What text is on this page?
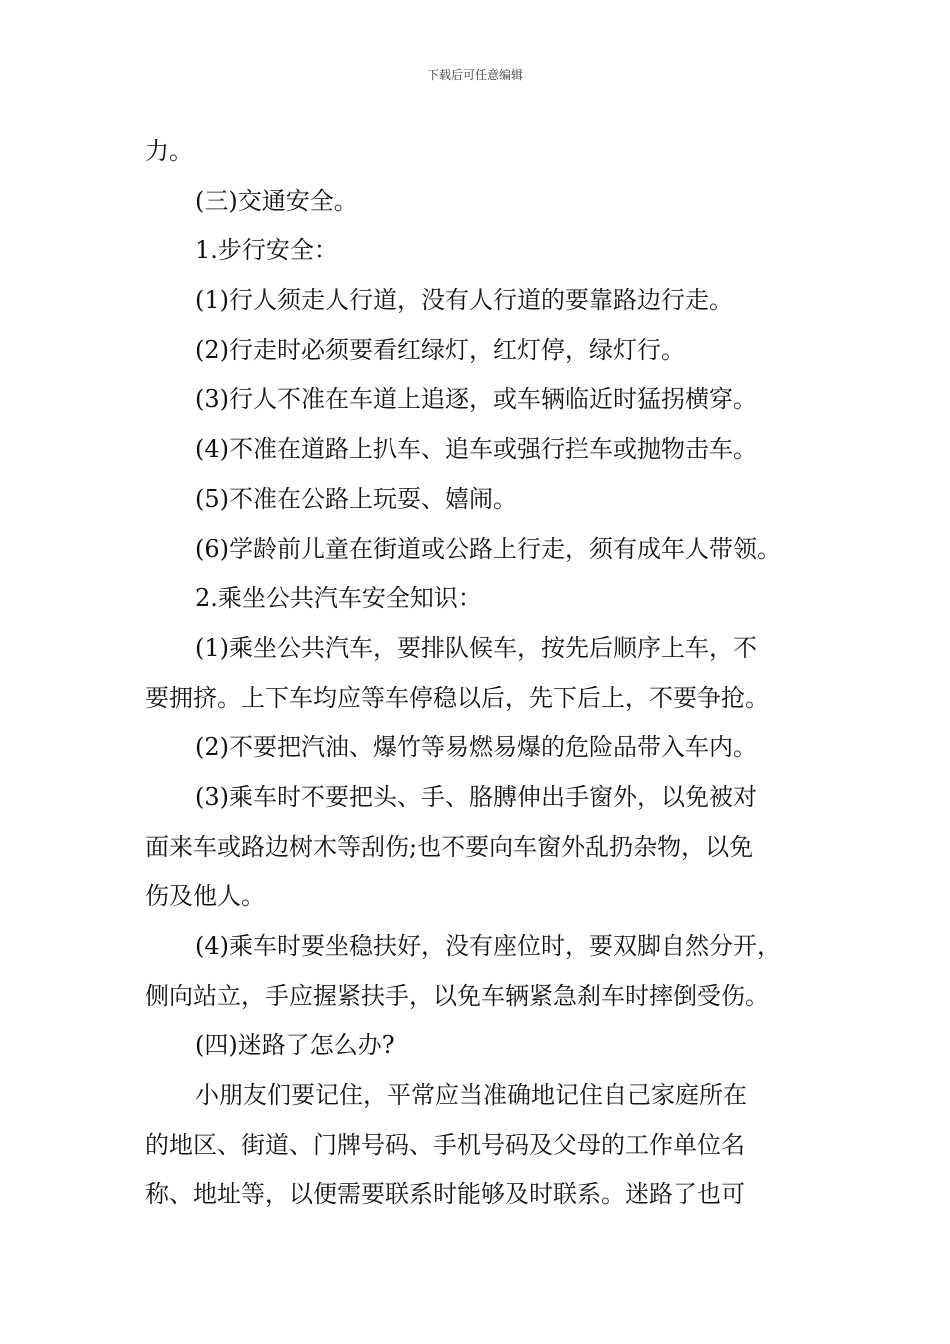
下载后可任意编辑
力。
(三)交通安全。
1.步行安全：
(1)行人须走人行道，没有人行道的要靠路边行走。
(2)行走时必须要看红绿灯，红灯停，绿灯行。
(3)行人不准在车道上追逐，或车辆临近时猛拐横穿。
(4)不准在道路上扒车、追车或强行拦车或抛物击车。
(5)不准在公路上玩耍、嬉闹。
(6)学龄前儿童在街道或公路上行走，须有成年人带领。
2.乘坐公共汽车安全知识：
(1)乘坐公共汽车，要排队候车，按先后顺序上车，不
要拥挤。上下车均应等车停稳以后，先下后上，不要争抢。
(2)不要把汽油、爆竹等易燃易爆的危险品带入车内。
(3)乘车时不要把头、手、胳膊伸出手窗外，以免被对
面来车或路边树木等刮伤;也不要向车窗外乱扔杂物，以免
伤及他人。
(4)乘车时要坐稳扶好，没有座位时，要双脚自然分开，
侧向站立，手应握紧扶手，以免车辆紧急刹车时摔倒受伤。
(四)迷路了怎么办?
小朋友们要记住，平常应当准确地记住自己家庭所在
的地区、街道、门牌号码、手机号码及父母的工作单位名
称、地址等，以便需要联系时能够及时联系。迷路了也可
